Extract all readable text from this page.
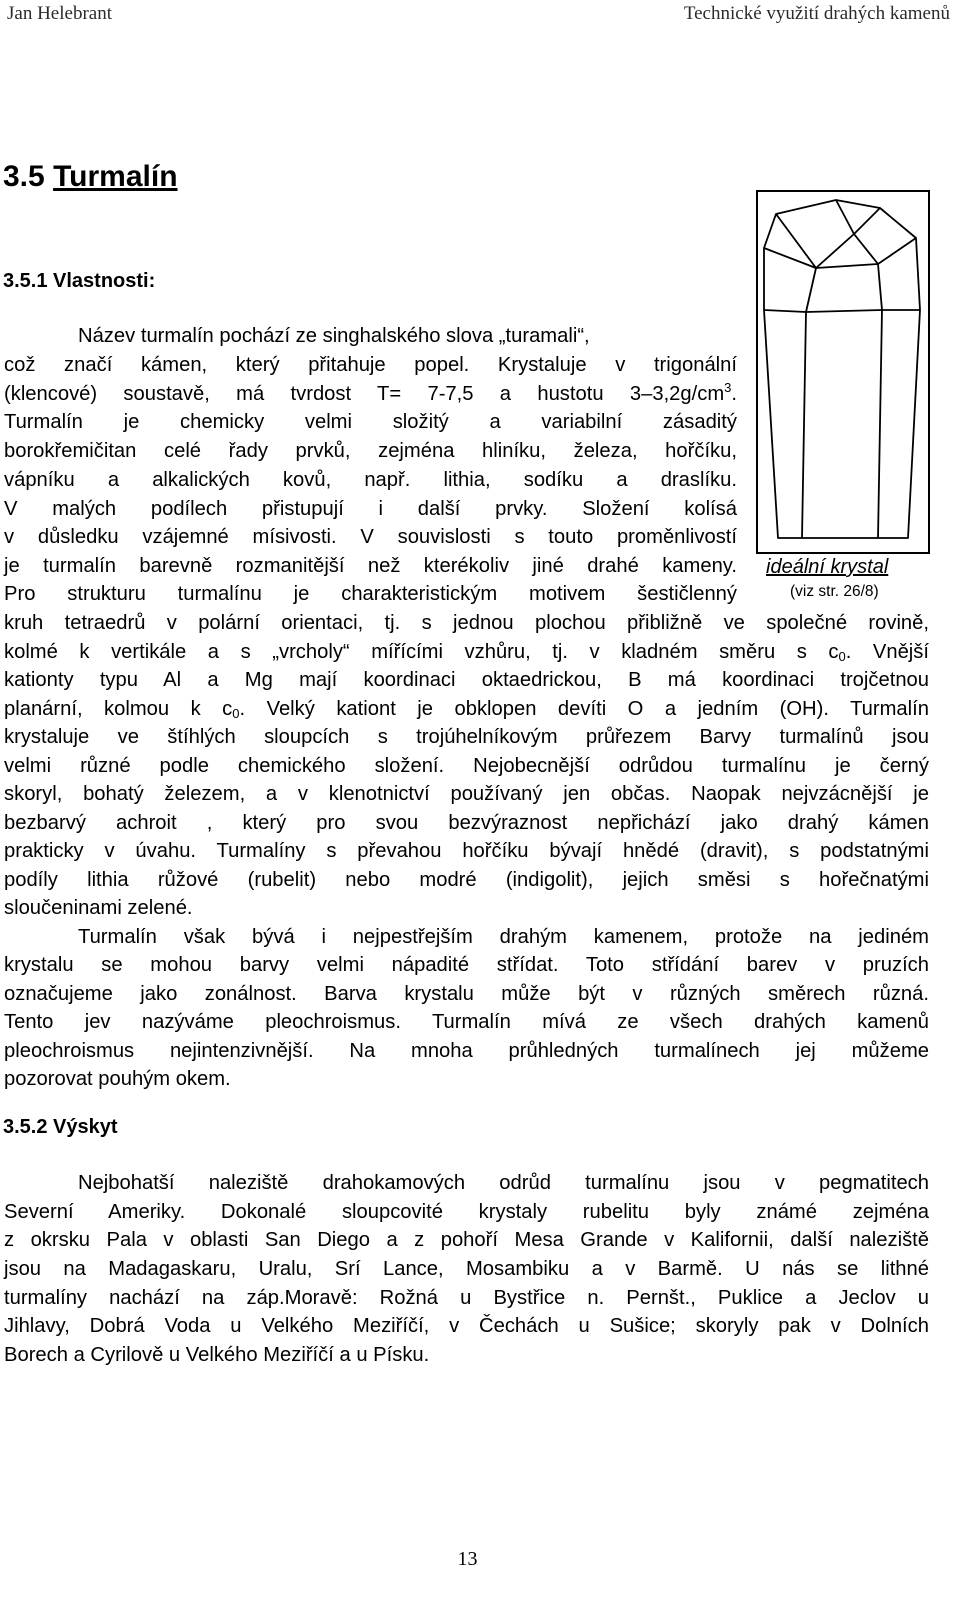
Jan Helebrant	Technické využití drahých kamenů
3.5 Turmalín
3.5.1 Vlastnosti:
Název turmalín pochází ze singhalského slova „turamali“,
což značí kámen, který přitahuje popel. Krystaluje v trigonální
(klencové) soustavě, má tvrdost T= 7-7,5 a hustotu $3-3,2g/cm^3$.
Turmalín je chemicky velmi složitý a variabilní zásaditý
borokřemičitan celé řady prvků, zejména hliníku, železa, hořčíku,
vápníku a alkalických kovů, např. lithia, sodíku a draslíku.
V malých podílech přistupují i další prvky. Složení kolísá
v důsledku vzájemné mísivosti. V souvislosti s touto proměnlivostí
je turmalín barevně rozmanitější než kterékoliv jiné drahé kameny.
Pro strukturu turmalínu je charakteristickým motivem šestičlenný
ideální krystal
(viz str. 26/8)
kruh tetraedrů v polární orientaci, tj. s jednou plochou přibližně ve společné rovině,
kolmé k vertikále a s „vrcholy“ mířícími vzhůru, tj. v kladném směru s $c_0$. Vnější
kationty typu Al a Mg mají koordinaci oktaedrickou, B má koordinaci trojčetnou
planární, kolmou k $c_0$. Velký kationt je obklopen devíti O a jedním (OH). Turmalín
krystaluje ve štíhlých sloupcích s trojúhelníkovým průřezem Barvy turmalínů jsou
velmi různé podle chemického složení. Nejobecnější odrůdou turmalínu je černý
skoryl, bohatý železem, a v klenotnictví používaný jen občas. Naopak nejvzácnější je
bezbarvý achroit , který pro svou bezvýraznost nepřichází jako drahý kámen
prakticky v úvahu. Turmalíny s převahou hořčíku bývají hnědé (dravit), s podstatnými
podíly lithia růžové (rubelit) nebo modré (indigolit), jejich směsi s hořečnatými
sloučeninami zelené.
Turmalín však bývá i nejpestřejším drahým kamenem, protože na jediném
krystalu se mohou barvy velmi nápadité střídat. Toto střídání barev v pruzích
označujeme jako zonálnost. Barva krystalu může být v různých směrech různá.
Tento jev nazýváme pleochroismus. Turmalín mívá ze všech drahých kamenů
pleochroismus nejintenzivnější. Na mnoha průhledných turmalínech jej můžeme
pozorovat pouhým okem.
3.5.2 Výskyt
Nejbohatší naleziště drahokamových odrůd turmalínu jsou v pegmatitech
Severní Ameriky. Dokonalé sloupcovité krystaly rubelitu byly známé zejména
z okrsku Pala v oblasti San Diego a z pohoří Mesa Grande v Kalifornii, další naleziště
jsou na Madagaskaru, Uralu, Srí Lance, Mosambiku a v Barmě. U nás se lithné
turmalíny nachází na záp.Moravě: Rožná u Bystřice n. Pernšt., Puklice a Jeclov u
Jihlavy, Dobrá Voda u Velkého Meziříčí, v Čechách u Sušice; skoryly pak v Dolních
Borech a Cyrilově u Velkého Meziříčí a u Písku.
13
